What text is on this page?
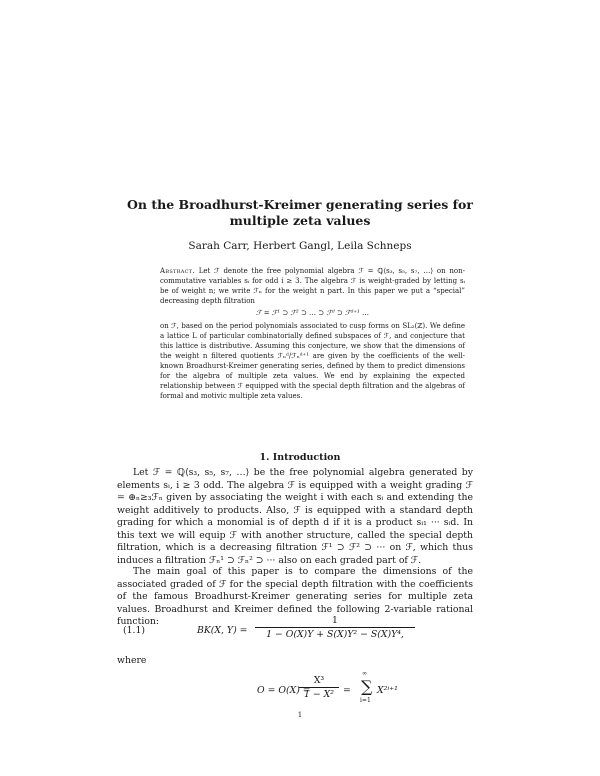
On the Broadhurst-Kreimer generating series for multiple zeta values
Sarah Carr, Herbert Gangl, Leila Schneps
Abstract. Let ℱ denote the free polynomial algebra ℱ = ℚ⟨s₃, s₅, s₇, …⟩ on non-commutative variables sᵢ for odd i ≥ 3. The algebra ℱ is weight-graded by letting sᵢ be of weight n; we write ℱₙ for the weight n part. In this paper we put a “special” decreasing depth filtration
ℱ = ℱ¹ ⊃ ℱ² ⊃ … ⊃ ℱᵈ ⊃ ℱᵈ⁺¹ …
on ℱ, based on the period polynomials associated to cusp forms on SL₂(ℤ). We define a lattice L of particular combinatorially defined subspaces of ℱ, and conjecture that this lattice is distributive. Assuming this conjecture, we show that the dimensions of the weight n filtered quotients ℱₙᵈ/ℱₙᵈ⁺¹ are given by the coefficients of the well-known Broadhurst-Kreimer generating series, defined by them to predict dimensions for the algebra of multiple zeta values. We end by explaining the expected relationship between ℱ equipped with the special depth filtration and the algebras of formal and motivic multiple zeta values.
1. Introduction
Let ℱ = ℚ⟨s₃, s₅, s₇, …⟩ be the free polynomial algebra generated by elements sᵢ, i ≥ 3 odd. The algebra ℱ is equipped with a weight grading ℱ = ⊕ₙ≥₃ℱₙ given by associating the weight i with each sᵢ and extending the weight additively to products. Also, ℱ is equipped with a standard depth grading for which a monomial is of depth d if it is a product sᵢ₁ ··· sᵢd. In this text we will equip ℱ with another structure, called the special depth filtration, which is a decreasing filtration ℱ¹ ⊃ ℱ² ⊃ ··· on ℱ, which thus induces a filtration ℱₙ¹ ⊃ ℱₙ² ⊃ ··· also on each graded part of ℱ.
The main goal of this paper is to compare the dimensions of the associated graded of ℱ for the special depth filtration with the coefficients of the famous Broadhurst-Kreimer generating series for multiple zeta values. Broadhurst and Kreimer defined the following 2-variable rational function:
(1.1)	BK(X, $Y) = \frac{1}{\text{1 − O(X)Y + S(X)Y² − S(X)Y⁴,}}$
where
O = O(X) =
$\frac{\text{X³}}{\text{1 − X²}}$ =
∞
∑
i=1
X²ⁱ⁺¹
1
